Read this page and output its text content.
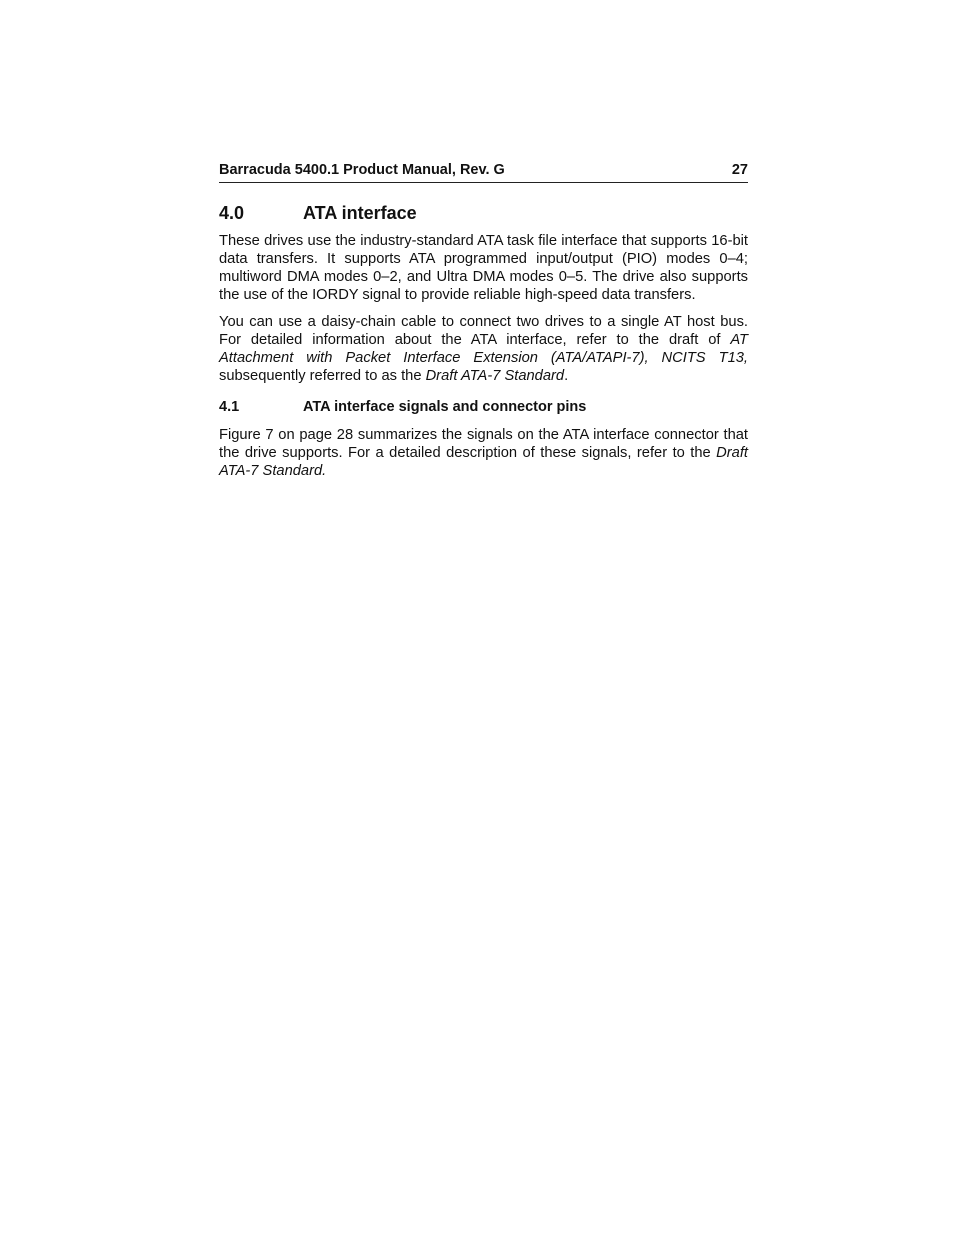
Barracuda 5400.1 Product Manual, Rev. G	27
4.0	ATA interface

These drives use the industry-standard ATA task file interface that supports 16-bit data transfers. It supports ATA programmed input/output (PIO) modes 0–4; multiword DMA modes 0–2, and Ultra DMA modes 0–5. The drive also supports the use of the IORDY signal to provide reliable high-speed data transfers.

You can use a daisy-chain cable to connect two drives to a single AT host bus. For detailed information about the ATA interface, refer to the draft of AT Attachment with Packet Interface Extension (ATA/ATAPI-7), NCITS T13, subsequently referred to as the Draft ATA-7 Standard.

4.1	ATA interface signals and connector pins

Figure 7 on page 28 summarizes the signals on the ATA interface connector that the drive supports. For a detailed description of these signals, refer to the Draft ATA-7 Standard.
